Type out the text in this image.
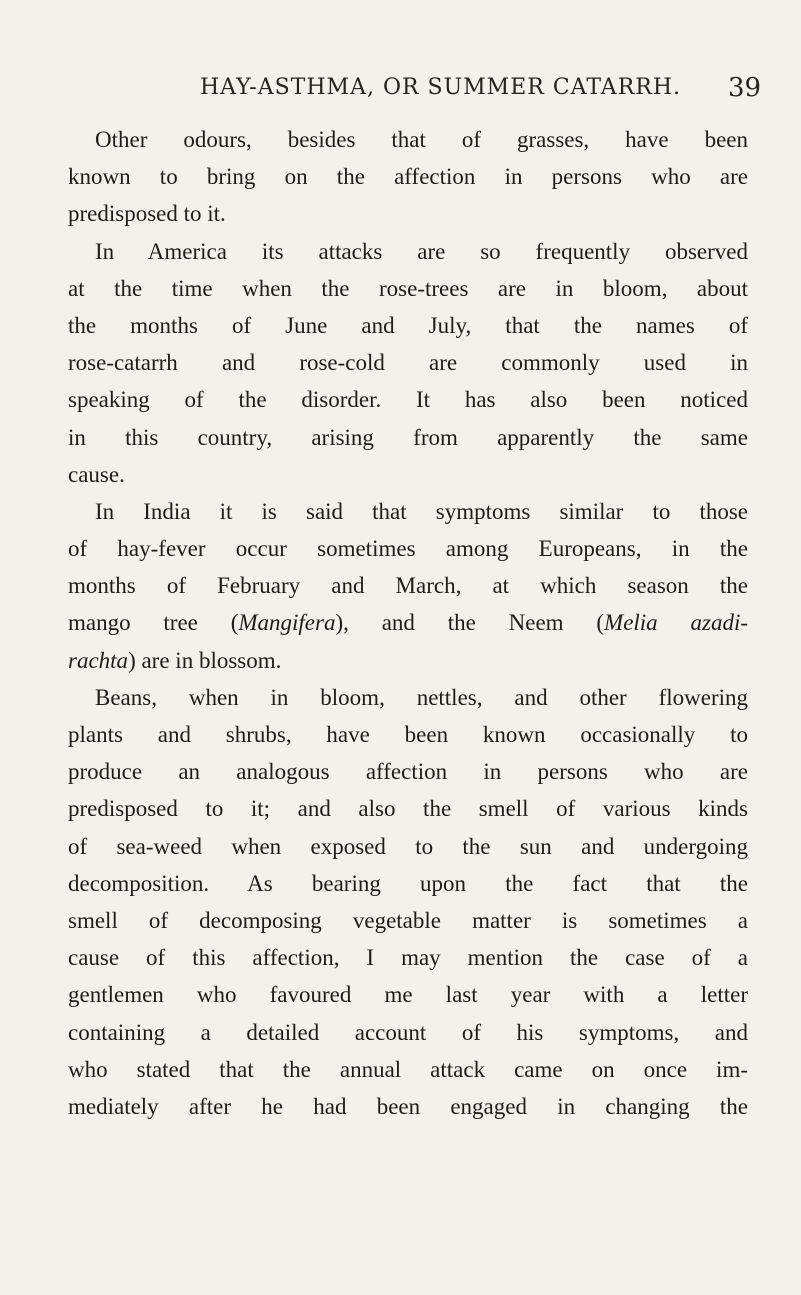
HAY-ASTHMA, OR SUMMER CATARRH.	39
Other odours, besides that of grasses, have been
known to bring on the affection in persons who are
predisposed to it.
In America its attacks are so frequently observed
at the time when the rose-trees are in bloom, about
the months of June and July, that the names of
rose-catarrh and rose-cold are commonly used in
speaking of the disorder. It has also been noticed
in this country, arising from apparently the same
cause.
In India it is said that symptoms similar to those
of hay-fever occur sometimes among Europeans, in the
months of February and March, at which season the
mango tree (Mangifera), and the Neem (Melia azadi-
rachta) are in blossom.
Beans, when in bloom, nettles, and other flowering
plants and shrubs, have been known occasionally to
produce an analogous affection in persons who are
predisposed to it; and also the smell of various kinds
of sea-weed when exposed to the sun and undergoing
decomposition. As bearing upon the fact that the
smell of decomposing vegetable matter is sometimes a
cause of this affection, I may mention the case of a
gentlemen who favoured me last year with a letter
containing a detailed account of his symptoms, and
who stated that the annual attack came on once im-
mediately after he had been engaged in changing the
